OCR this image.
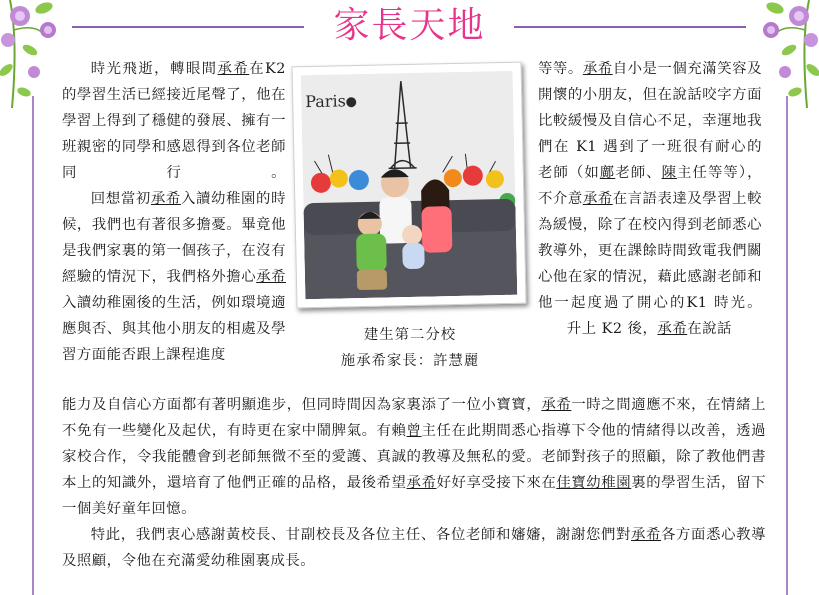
家長天地

時光飛逝，轉眼間承希在K2 的學習生活已經接近尾聲了，他在學習上得到了穩健的發展、擁有一班親密的同學和感恩得到各位老師同行。

回想當初承希入讀幼稚園的時候，我們也有著很多擔憂。畢竟他是我們家裏的第一個孩子，在沒有經驗的情況下，我們格外擔心承希入讀幼稚園後的生活，例如環境適應與否、與其他小朋友的相處及學習方面能否跟上課程進度

等等。承希自小是一個充滿笑容及開懷的小朋友，但在說話咬字方面比較緩慢及自信心不足，幸運地我們在 K1 遇到了一班很有耐心的老師（如鄺老師、陳主任等等），不介意承希在言語表達及學習上較為緩慢，除了在校內得到老師悉心教導外，更在課餘時間致電我們關心他在家的情況，藉此感謝老師和他一起度過了開心的K1 時光。

升上 K2 後，承希在說話

Paris
建生第二分校
施承希家長：許慧麗

能力及自信心方面都有著明顯進步，但同時間因為家裏添了一位小寶寶，承希一時之間適應不來，在情緒上不免有一些變化及起伏，有時更在家中鬧脾氣。有賴曾主任在此期間悉心指導下令他的情緒得以改善，透過家校合作，令我能體會到老師無微不至的愛護、真誠的教導及無私的愛。老師對孩子的照顧，除了教他們書本上的知識外，還培育了他們正確的品格，最後希望承希好好享受接下來在佳寶幼稚園裏的學習生活，留下一個美好童年回憶。

特此，我們衷心感謝黃校長、甘副校長及各位主任、各位老師和嬸嬸，謝謝您們對承希各方面悉心教導及照顧，令他在充滿愛幼稚園裏成長。
